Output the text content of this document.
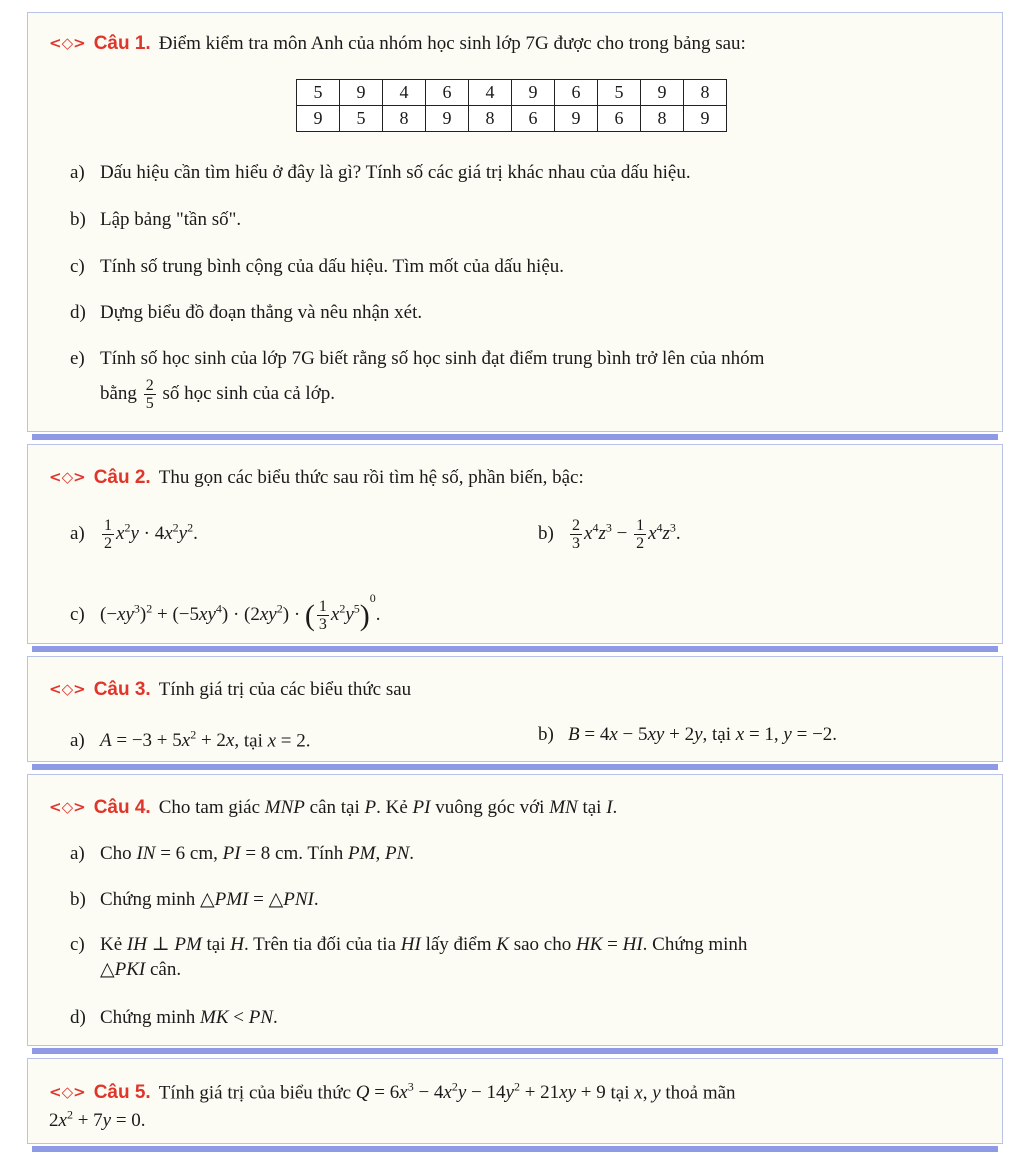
<◇> Câu 1. Điểm kiểm tra môn Anh của nhóm học sinh lớp 7G được cho trong bảng sau:
5	9	4	6	4	9	6	5	9	8
9	5	8	9	8	6	9	6	8	9
a) Dấu hiệu cần tìm hiểu ở đây là gì? Tính số các giá trị khác nhau của dấu hiệu.
b) Lập bảng "tần số".
c) Tính số trung bình cộng của dấu hiệu. Tìm mốt của dấu hiệu.
d) Dựng biểu đồ đoạn thẳng và nêu nhận xét.
e) Tính số học sinh của lớp 7G biết rằng số học sinh đạt điểm trung bình trở lên của nhóm
bằng $\frac{2}{5}$ số học sinh của cả lớp.
<◇> Câu 2. Thu gọn các biểu thức sau rồi tìm hệ số, phần biến, bậc:
$a) \frac{1}{2} x^2y \cdot 4x^2y^2$.	$b) \frac{2}{3} x^4z^3 - \frac{1}{2} x^4z^3$.
c) $(-xy^3)^2 + (-5xy^4) \cdot (2xy^2)$ · ( $\frac{1}{3} x^2y^5)^0$.
<◇> Câu 3. Tính giá trị của các biểu thức sau
a) $A = -3 + 5x^2 + 2x$, tại x = 2.	b) B = 4x − 5xy + 2y, tại x = 1, y = −2.
<◇> Câu 4. Cho tam giác MNP cân tại P. Kẻ PI vuông góc với MN tại I.
a) Cho IN = 6 cm, PI = 8 cm. Tính PM, PN.
b) Chứng minh △PMI = △PNI.
c) Kẻ IH ⊥ PM tại H. Trên tia đối của tia HI lấy điểm K sao cho HK = HI. Chứng minh
△PKI cân.
d) Chứng minh MK < PN.
<◇> Câu 5. Tính giá trị của biểu thức $Q = 6x^3 - 4x^2y - 14y^2 + 21xy + 9$ tại x, y thoả mãn
$2x^2 + 7y = 0$.
